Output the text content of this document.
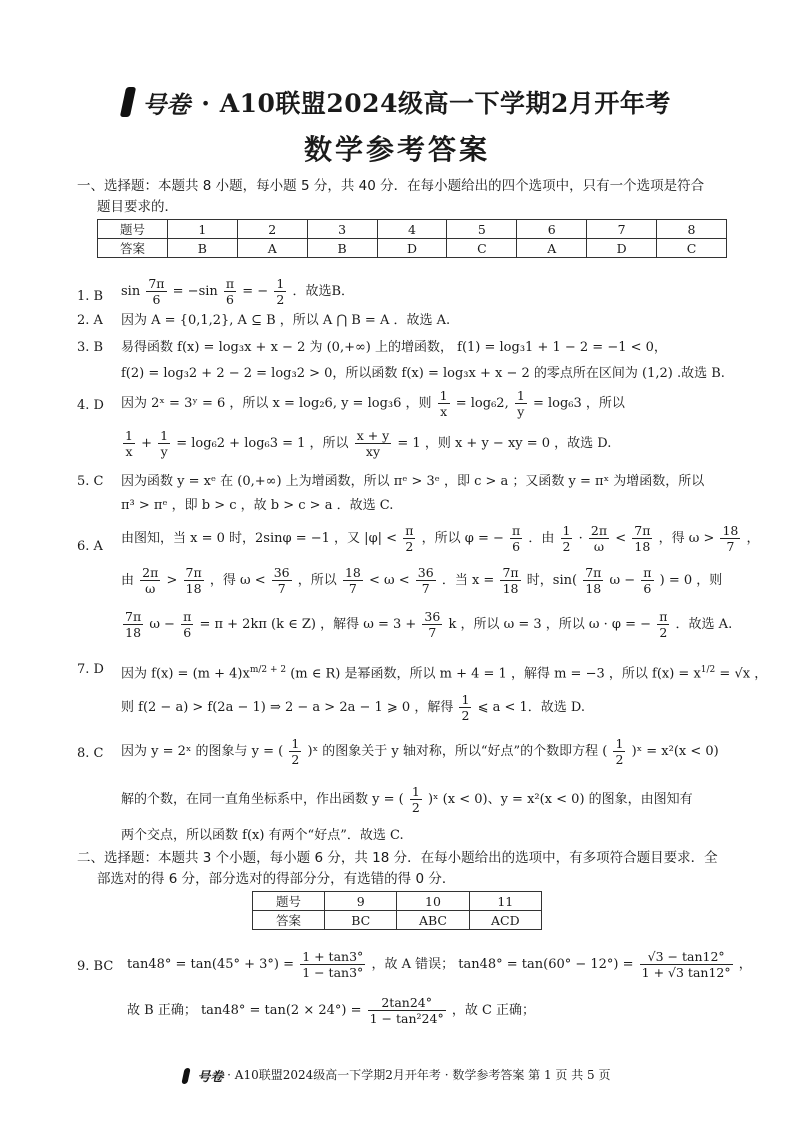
号卷 · A10联盟2024级高一下学期2月开年考
数学参考答案
一、选择题：本题共 8 小题，每小题 5 分，共 40 分．在每小题给出的四个选项中，只有一个选项是符合
题目要求的．
题号	1	2	3	4	5	6	7	8
答案	B	A	B	D	C	A	D	C
1. B	$\sin \frac{7\pi}{6} = -\sin \frac{\pi}{6}$ = − $\frac{1}{2}$ ．故选B．
2. A	因为 A = {0,1,2}, A ⊆ B ，所以 A ⋂ B = A ．故选 A.
3. B	易得函数 f(x) = log₃x + x − 2 为 (0,+∞) 上的增函数， f(1) = log₃1 + 1 − 2 = −1 < 0，
f(2) = log₃2 + 2 − 2 = log₃2 > 0，所以函数 f(x) = log₃x + x − 2 的零点所在区间为 (1,2) .故选 B.
4. D	因为 2ˣ = 3ʸ = 6 ，所以 x = log₂6, y = log₃6 ，则 $\frac{1}{x} = \log_62$, $\frac{1}{y} = \log_63$ ，所以
$\frac{1}{x} + \frac{1}{y} = \log_62 + \log_63 = 1$ ，所以 $\frac{x + y}{xy} = 1$ ，则 x + y − xy = 0 ，故选 D.
5. C	因为函数 y = xᵉ 在 (0,+∞) 上为增函数，所以 πᵉ > 3ᵉ ，即 c > a ；又函数 y = πˣ 为增函数，所以
π³ > πᵉ ，即 b > c ，故 b > c > a ．故选 C.
6. A
由图知，当 x = 0 时，2sinφ = −1 ，又 $|\varphi| < \frac{\pi}{2}$ ，所以 φ = − $\frac{\pi}{6}$ ．由 $\frac{1}{2} \cdot \frac{2\pi}{\omega} < \frac{7\pi}{18}$ ，得 $\omega > \frac{18}{7}$ ，
由 $\frac{2\pi}{\omega} > \frac{7\pi}{18}$ ，得 $\omega < \frac{36}{7}$ ，所以 $\frac{18}{7} < \omega < \frac{36}{7}$ ．当 $x = \frac{7\pi}{18}$ 时，$\sin( \frac{7\pi}{18}$ $\omega - \frac{\pi}{6}$ ) = 0 ，则
$\frac{7\pi}{18}$ $\omega - \frac{\pi}{6} = \pi + 2k\pi$ (k ∈ Z) ，解得 $\omega = 3 + \frac{36}{7}$ k ，所以 ω = 3 ，所以 ω · φ = − $\frac{\pi}{2}$ ．故选 A.
7. D	因为 $f(x) = (m + 4)x^{m/2 + 2}$ (m ∈ R) 是幂函数，所以 m + 4 = 1 ，解得 m = −3 ，所以 $f(x) = x^{1/2} = √x$ ，
则 f(2 − a) > f(2a − 1) ⇒ 2 − a > 2a − 1 ⩾ 0 ，解得 $\frac{1}{2}$ ⩽ a < 1．故选 D.
8. C	因为 y = 2ˣ 的图象与 y = ( $\frac{1}{2}$ )ˣ 的图象关于 y 轴对称，所以“好点”的个数即方程 ( $\frac{1}{2}$ )ˣ = x²(x < 0)
解的个数，在同一直角坐标系中，作出函数 y = ( $\frac{1}{2}$ )ˣ (x < 0)、y = x²(x < 0) 的图象，由图知有
两个交点，所以函数 f(x) 有两个“好点”．故选 C.
二、选择题：本题共 3 个小题，每小题 6 分，共 18 分．在每小题给出的选项中，有多项符合题目要求．全
部选对的得 6 分，部分选对的得部分分，有选错的得 0 分．
题号	9	10	11
答案	BC	ABC	ACD
9. BC $\tan 48^\circ = \tan(45^\circ + 3^\circ) = \frac{1 + \tan 3^\circ}{1 - \tan 3^\circ}$ ，故 A 错误； $\tan 48^\circ = \tan(60^\circ - 12^\circ) = \frac{√3 - \tan 12^\circ}{1 + √3 \tan 12^\circ}$ ，
故 B 正确； $\tan 48^\circ = \tan(2 \times 24^\circ) = \frac{2\tan 24^\circ}{\text{1 − tan²24°}}$ ，故 C 正确；
号卷 · A10联盟2024级高一下学期2月开年考 · 数学参考答案 第 1 页 共 5 页
